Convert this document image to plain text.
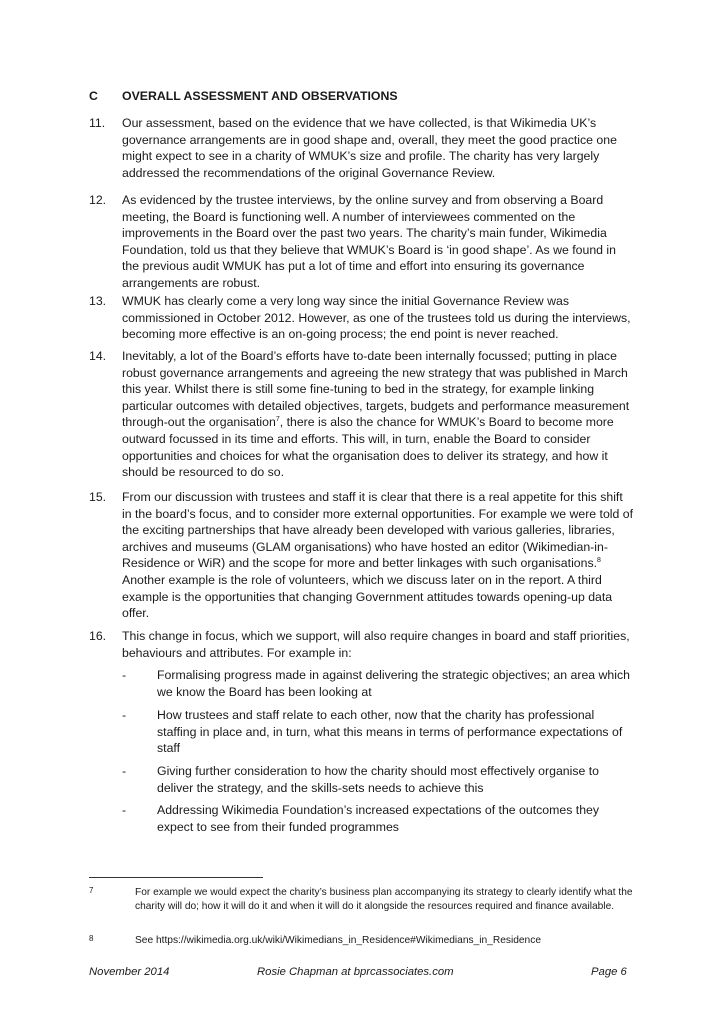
C OVERALL ASSESSMENT AND OBSERVATIONS
11. Our assessment, based on the evidence that we have collected, is that Wikimedia UK’s governance arrangements are in good shape and, overall, they meet the good practice one might expect to see in a charity of WMUK’s size and profile. The charity has very largely addressed the recommendations of the original Governance Review.
12. As evidenced by the trustee interviews, by the online survey and from observing a Board meeting, the Board is functioning well. A number of interviewees commented on the improvements in the Board over the past two years. The charity’s main funder, Wikimedia Foundation, told us that they believe that WMUK’s Board is ‘in good shape’. As we found in the previous audit WMUK has put a lot of time and effort into ensuring its governance arrangements are robust.
13. WMUK has clearly come a very long way since the initial Governance Review was commissioned in October 2012. However, as one of the trustees told us during the interviews, becoming more effective is an on-going process; the end point is never reached.
14. Inevitably, a lot of the Board’s efforts have to-date been internally focussed; putting in place robust governance arrangements and agreeing the new strategy that was published in March this year. Whilst there is still some fine-tuning to bed in the strategy, for example linking particular outcomes with detailed objectives, targets, budgets and performance measurement through-out the organisation$^7$, there is also the chance for WMUK’s Board to become more outward focussed in its time and efforts. This will, in turn, enable the Board to consider opportunities and choices for what the organisation does to deliver its strategy, and how it should be resourced to do so.
15. From our discussion with trustees and staff it is clear that there is a real appetite for this shift in the board’s focus, and to consider more external opportunities. For example we were told of the exciting partnerships that have already been developed with various galleries, libraries, archives and museums (GLAM organisations) who have hosted an editor (Wikimedian-in-Residence or WiR) and the scope for more and better linkages with such organisations.$^8$ Another example is the role of volunteers, which we discuss later on in the report. A third example is the opportunities that changing Government attitudes towards opening-up data offer.
16. This change in focus, which we support, will also require changes in board and staff priorities, behaviours and attributes. For example in:
-	Formalising progress made in against delivering the strategic objectives; an area which we know the Board has been looking at
-	How trustees and staff relate to each other, now that the charity has professional staffing in place and, in turn, what this means in terms of performance expectations of staff
-	Giving further consideration to how the charity should most effectively organise to deliver the strategy, and the skills-sets needs to achieve this
-	Addressing Wikimedia Foundation’s increased expectations of the outcomes they expect to see from their funded programmes
7	For example we would expect the charity’s business plan accompanying its strategy to clearly identify what the charity will do; how it will do it and when it will do it alongside the resources required and finance available.
8	See https://wikimedia.org.uk/wiki/Wikimedians_in_Residence#Wikimedians_in_Residence
November 2014	Rosie Chapman at bprcassociates.com	Page 6
